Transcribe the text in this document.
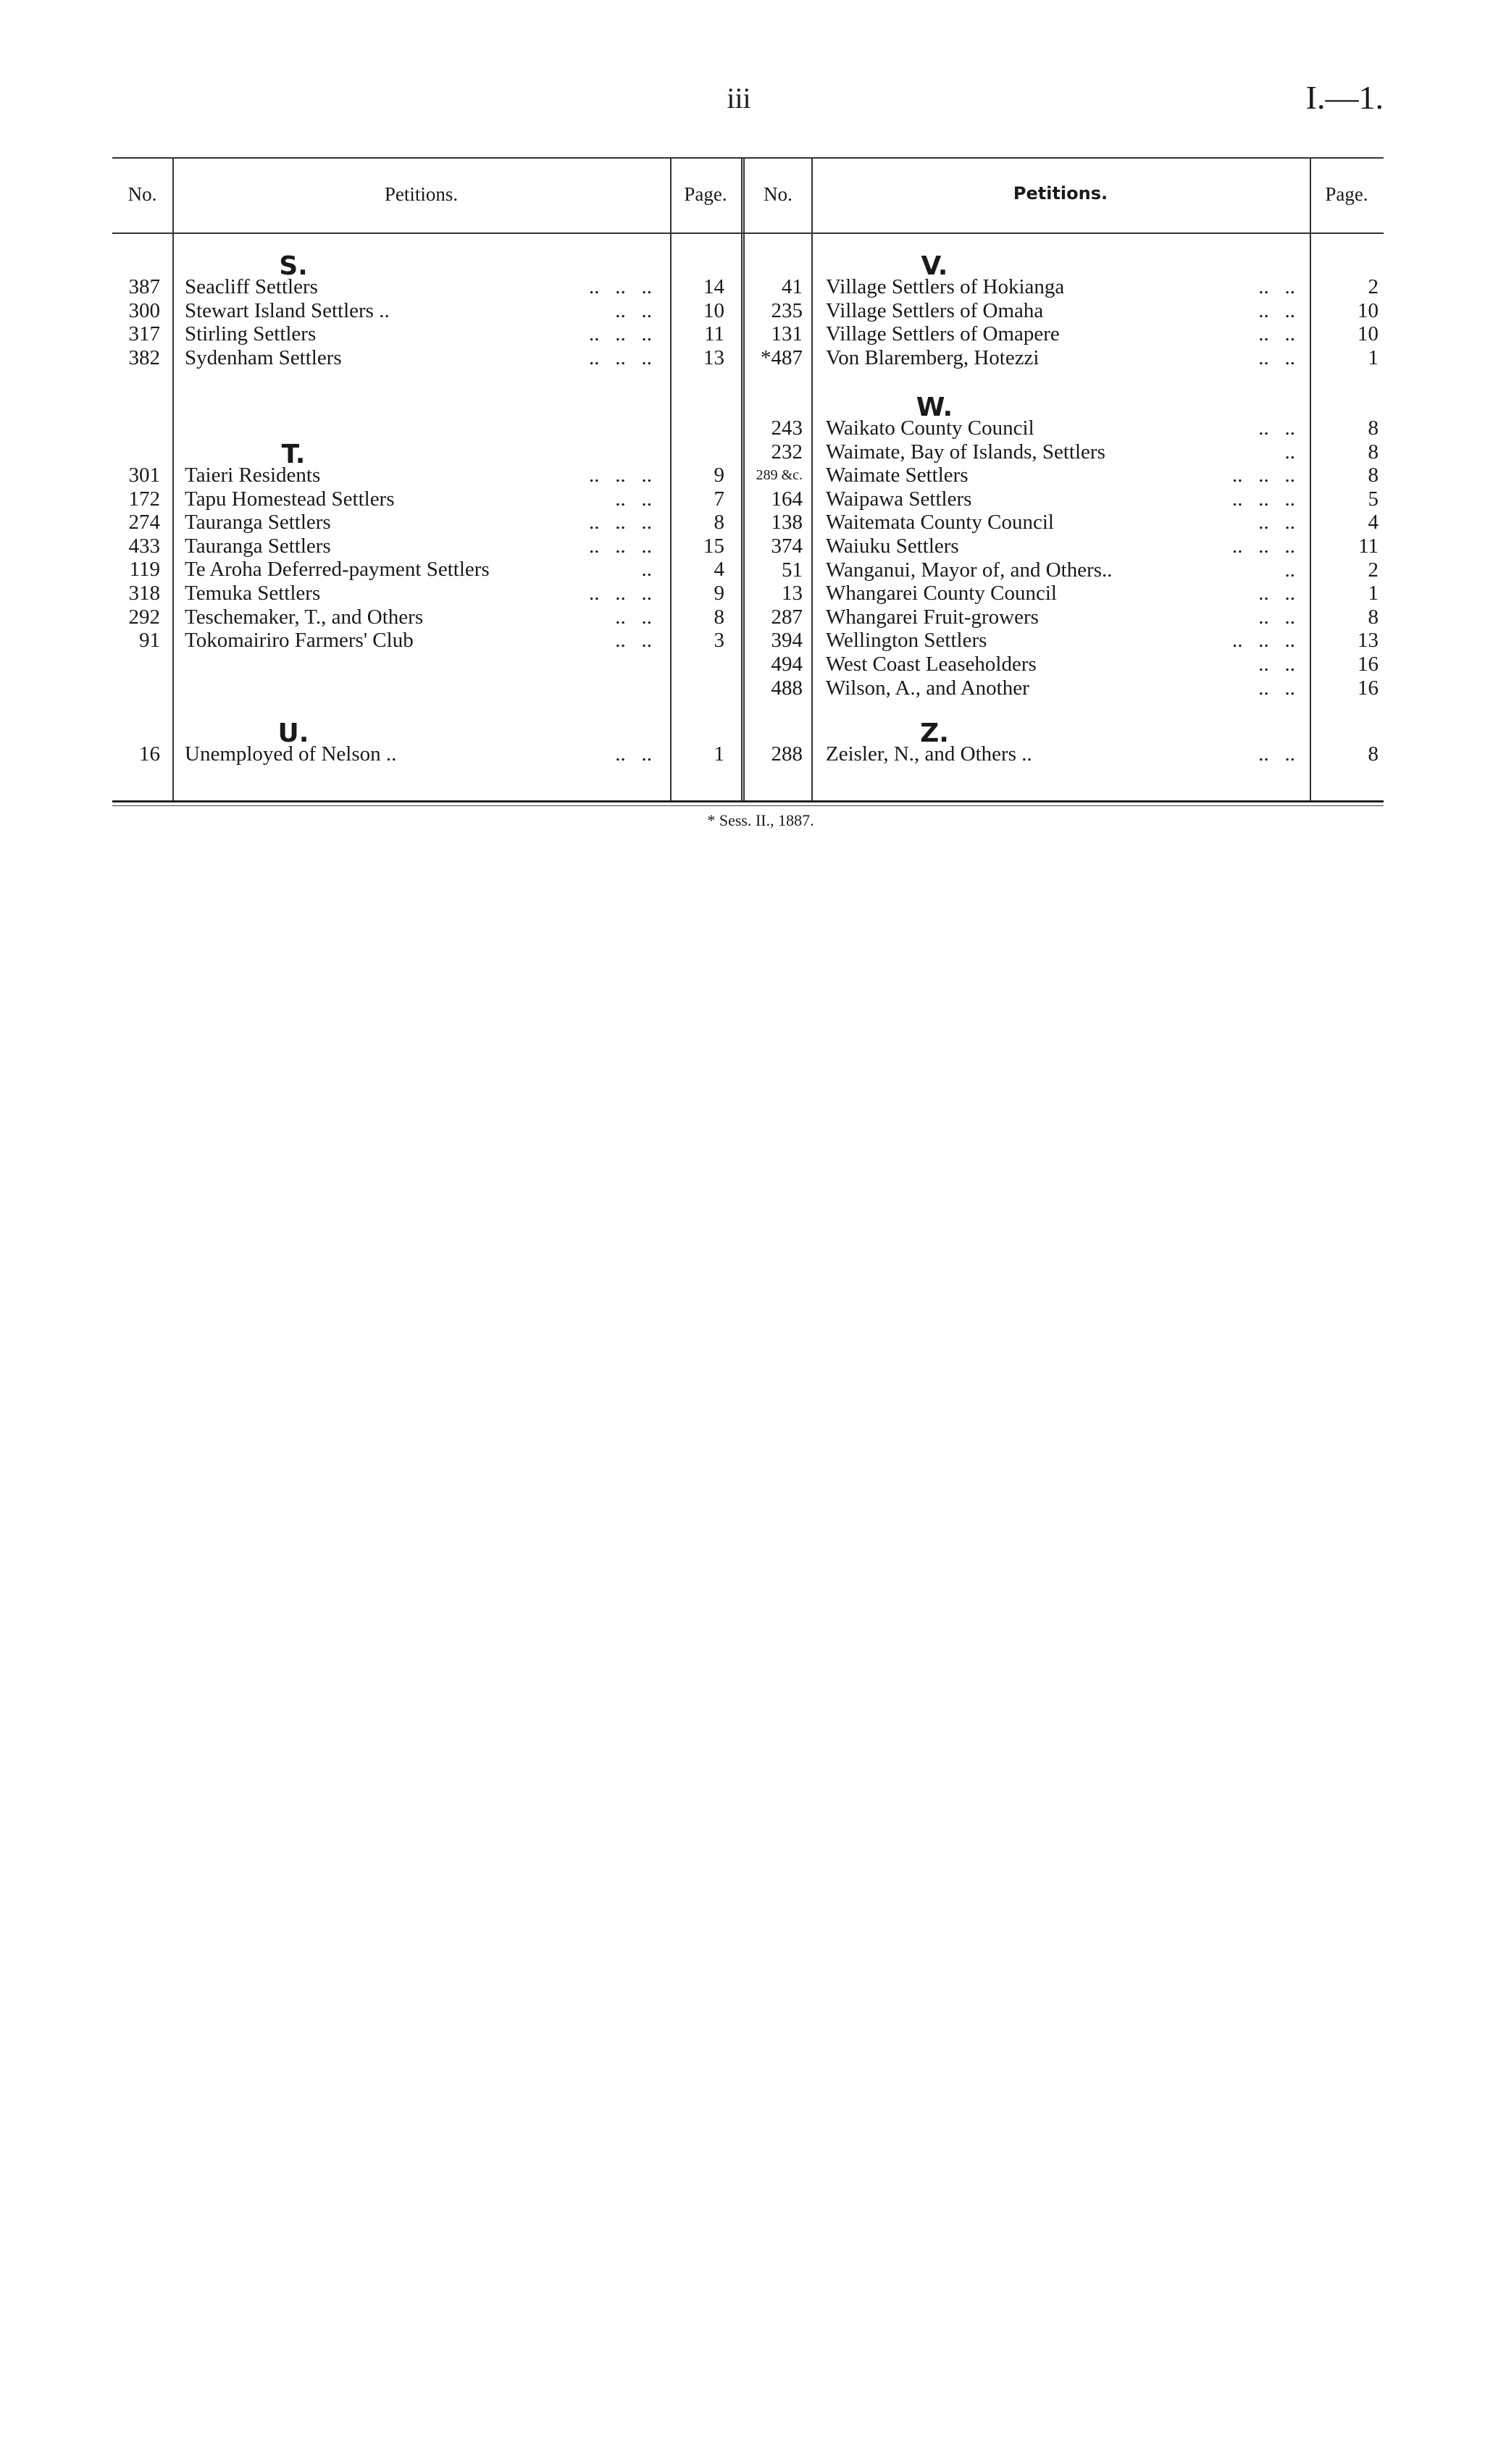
iii	I.—1.
No.	Petitions.	Page.	No.	Petitions.	Page.
S.
387 Seacliff Settlers	..   ..   ..	14
300 Stewart Island Settlers ..	..   ..	10
317 Stirling Settlers	..   ..   ..	11
382 Sydenham Settlers	..   ..   ..	13
T.
301 Taieri Residents	..   ..   ..	9
172 Tapu Homestead Settlers	..   ..	7
274 Tauranga Settlers	..   ..   ..	8
433 Tauranga Settlers	..   ..   ..	15
119 Te Aroha Deferred-payment Settlers	..	4
318 Temuka Settlers	..   ..   ..	9
292 Teschemaker, T., and Others	..   ..	8
91 Tokomairiro Farmers' Club	..   ..	3
U.
16 Unemployed of Nelson ..	..   ..	1
V.
41 Village Settlers of Hokianga	..   ..	2
235 Village Settlers of Omaha	..   ..	10
131 Village Settlers of Omapere	..   ..	10
*487 Von Blaremberg, Hotezzi	..   ..	1
W.
243 Waikato County Council	..   ..	8
232 Waimate, Bay of Islands, Settlers	..	8
289 &c. Waimate Settlers	..   ..   ..	8
164 Waipawa Settlers	..   ..   ..	5
138 Waitemata County Council	..   ..	4
374 Waiuku Settlers	..   ..   ..	11
51 Wanganui, Mayor of, and Others..	..	2
13 Whangarei County Council	..   ..	1
287 Whangarei Fruit-growers	..   ..	8
394 Wellington Settlers	..   ..   ..	13
494 West Coast Leaseholders	..   ..	16
488 Wilson, A., and Another	..   ..	16
Z.
288 Zeisler, N., and Others ..	..   ..	8
* Sess. II., 1887.
